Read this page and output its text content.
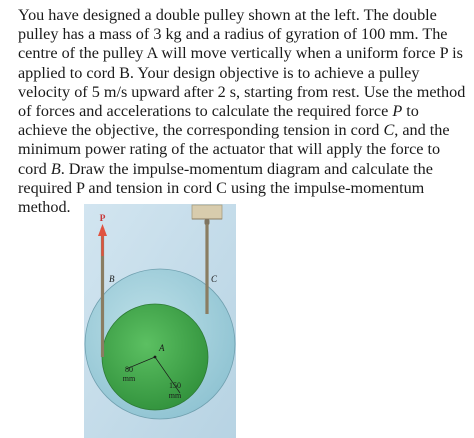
You have designed a double pulley shown at the left. The double pulley has a mass of 3 kg and a radius of gyration of 100 mm. The centre of the pulley A will move vertically when a uniform force P is applied to cord B. Your design objective is to achieve a pulley velocity of 5 m/s upward after 2 s, starting from rest. Use the method of forces and accelerations to calculate the required force P to achieve the objective, the corresponding tension in cord C, and the minimum power rating of the actuator that will apply the force to cord B. Draw the impulse-momentum diagram and calculate the required P and tension in cord C using the impulse-momentum method.

P
B	C
A
80
mm
150
mm
